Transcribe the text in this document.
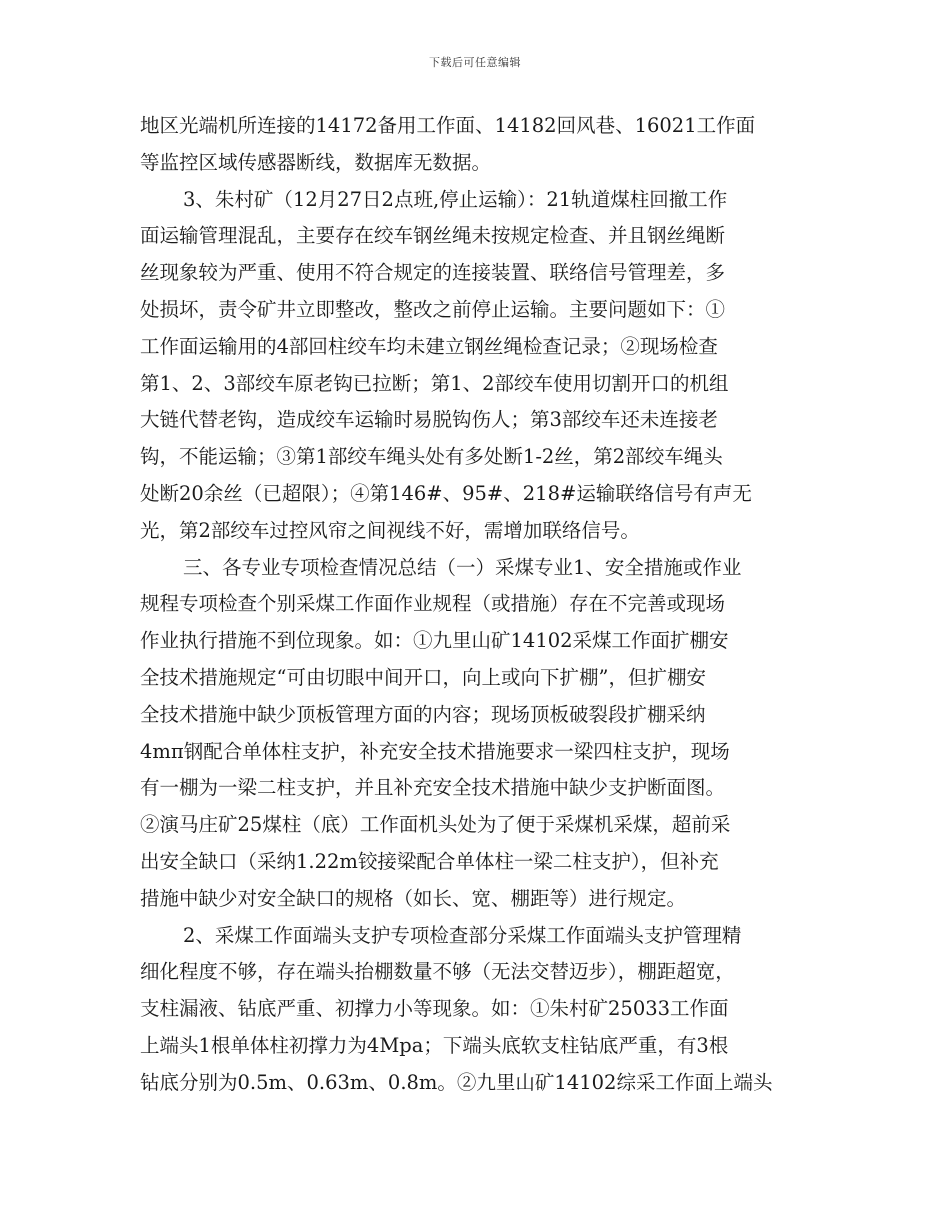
下载后可任意编辑
地区光端机所连接的14172备用工作面、14182回风巷、16021工作面
等监控区域传感器断线，数据库无数据。
3、朱村矿（12月27日2点班,停止运输）：21轨道煤柱回撤工作
面运输管理混乱，主要存在绞车钢丝绳未按规定检查、并且钢丝绳断
丝现象较为严重、使用不符合规定的连接装置、联络信号管理差，多
处损坏，责令矿井立即整改，整改之前停止运输。主要问题如下：①
工作面运输用的4部回柱绞车均未建立钢丝绳检查记录；②现场检查
第1、2、3部绞车原老钩已拉断；第1、2部绞车使用切割开口的机组
大链代替老钩，造成绞车运输时易脱钩伤人；第3部绞车还未连接老
钩，不能运输；③第1部绞车绳头处有多处断1-2丝，第2部绞车绳头
处断20余丝（已超限）；④第146#、95#、218#运输联络信号有声无
光，第2部绞车过控风帘之间视线不好，需增加联络信号。
三、各专业专项检查情况总结（一）采煤专业1、安全措施或作业
规程专项检查个别采煤工作面作业规程（或措施）存在不完善或现场
作业执行措施不到位现象。如：①九里山矿14102采煤工作面扩棚安
全技术措施规定“可由切眼中间开口，向上或向下扩棚”，但扩棚安
全技术措施中缺少顶板管理方面的内容；现场顶板破裂段扩棚采纳
4mπ钢配合单体柱支护，补充安全技术措施要求一梁四柱支护，现场
有一棚为一梁二柱支护，并且补充安全技术措施中缺少支护断面图。
②演马庄矿25煤柱（底）工作面机头处为了便于采煤机采煤，超前采
出安全缺口（采纳1.22m铰接梁配合单体柱一梁二柱支护），但补充
措施中缺少对安全缺口的规格（如长、宽、棚距等）进行规定。
2、采煤工作面端头支护专项检查部分采煤工作面端头支护管理精
细化程度不够，存在端头抬棚数量不够（无法交替迈步），棚距超宽，
支柱漏液、钻底严重、初撑力小等现象。如：①朱村矿25033工作面
上端头1根单体柱初撑力为4Mpa；下端头底软支柱钻底严重，有3根
钻底分别为0.5m、0.63m、0.8m。②九里山矿14102综采工作面上端头
